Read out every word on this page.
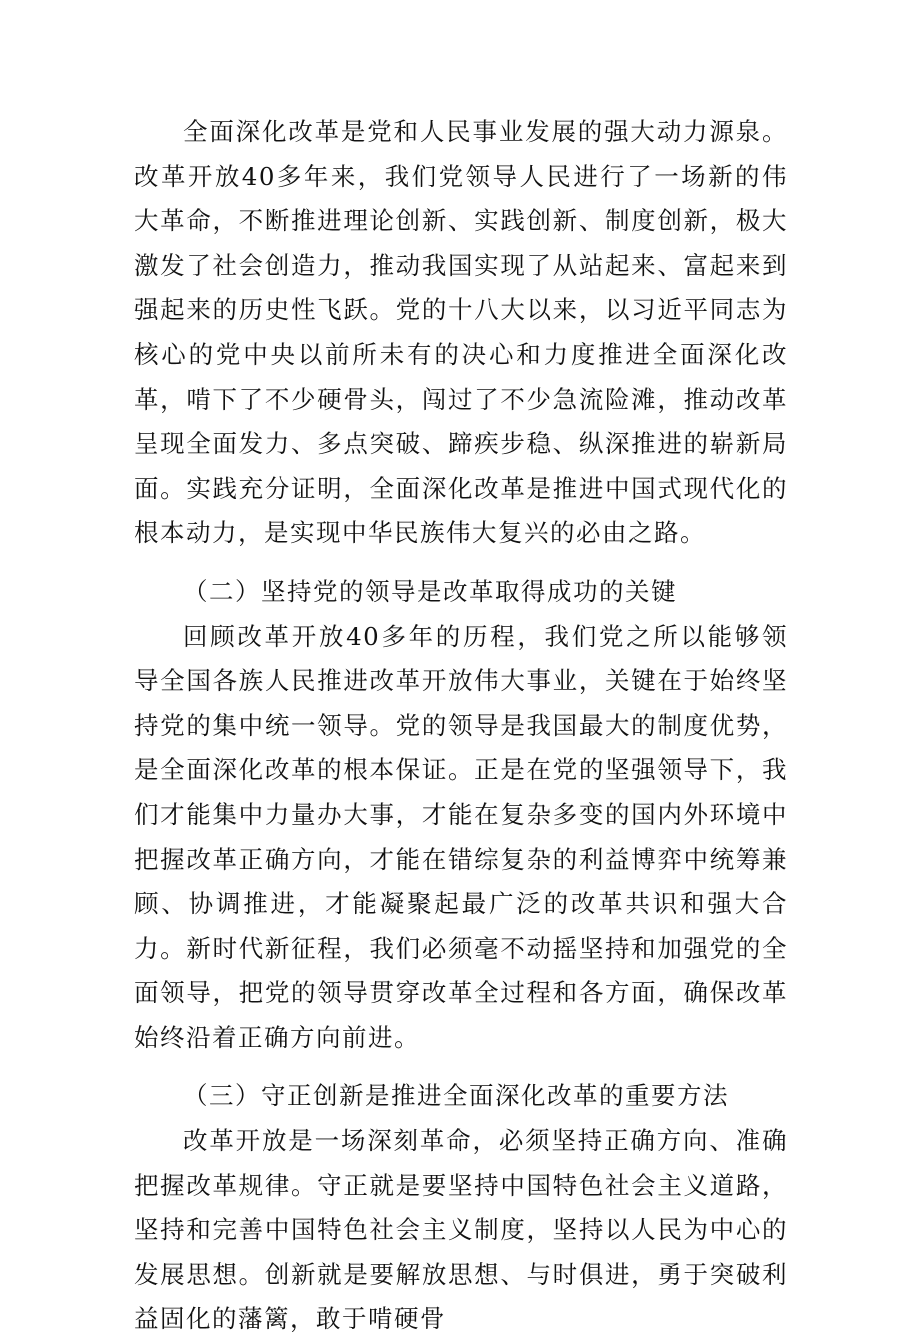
全面深化改革是党和人民事业发展的强大动力源泉。改革开放40多年来，我们党领导人民进行了一场新的伟大革命，不断推进理论创新、实践创新、制度创新，极大激发了社会创造力，推动我国实现了从站起来、富起来到强起来的历史性飞跃。党的十八大以来，以习近平同志为核心的党中央以前所未有的决心和力度推进全面深化改革，啃下了不少硬骨头，闯过了不少急流险滩，推动改革呈现全面发力、多点突破、蹄疾步稳、纵深推进的崭新局面。实践充分证明，全面深化改革是推进中国式现代化的根本动力，是实现中华民族伟大复兴的必由之路。

（二）坚持党的领导是改革取得成功的关键

回顾改革开放40多年的历程，我们党之所以能够领导全国各族人民推进改革开放伟大事业，关键在于始终坚持党的集中统一领导。党的领导是我国最大的制度优势，是全面深化改革的根本保证。正是在党的坚强领导下，我们才能集中力量办大事，才能在复杂多变的国内外环境中把握改革正确方向，才能在错综复杂的利益博弈中统筹兼顾、协调推进，才能凝聚起最广泛的改革共识和强大合力。新时代新征程，我们必须毫不动摇坚持和加强党的全面领导，把党的领导贯穿改革全过程和各方面，确保改革始终沿着正确方向前进。

（三）守正创新是推进全面深化改革的重要方法

改革开放是一场深刻革命，必须坚持正确方向、准确把握改革规律。守正就是要坚持中国特色社会主义道路，坚持和完善中国特色社会主义制度，坚持以人民为中心的发展思想。创新就是要解放思想、与时俱进，勇于突破利益固化的藩篱，敢于啃硬骨
